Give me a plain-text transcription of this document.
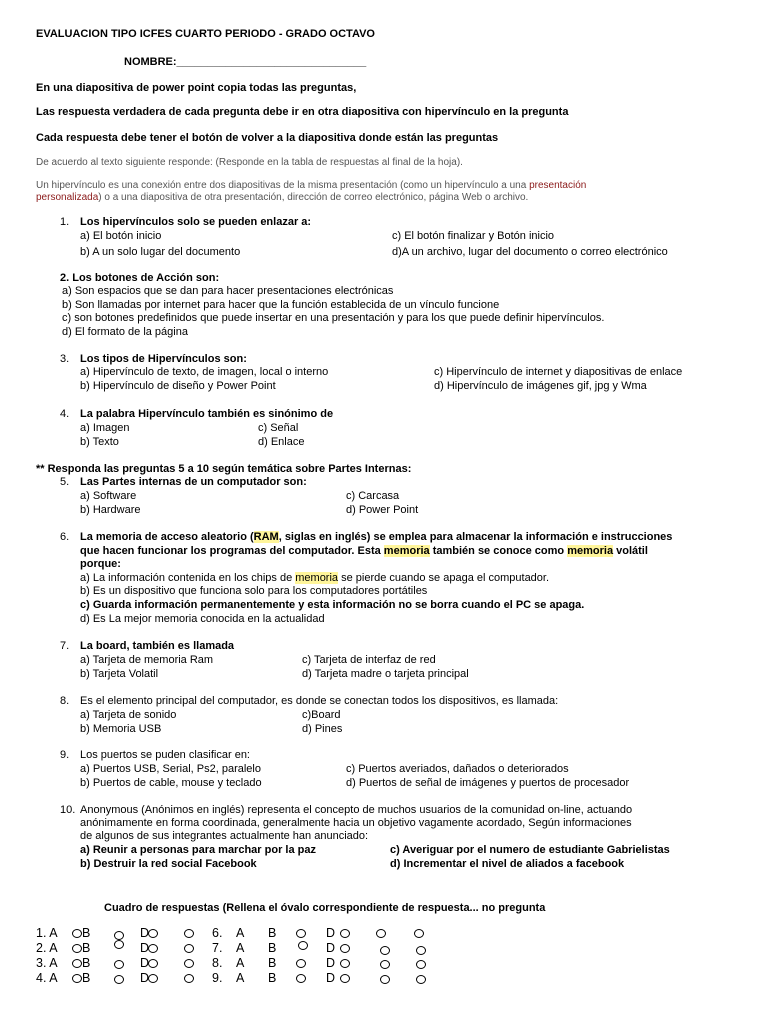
EVALUACION TIPO ICFES CUARTO PERIODO - GRADO OCTAVO
NOMBRE:_______________________________
En una diapositiva de power point copia todas las preguntas,
Las respuesta verdadera de cada pregunta debe ir en otra diapositiva con hipervínculo en la pregunta
Cada respuesta debe tener el botón de volver a la diapositiva donde están las preguntas
De acuerdo al texto siguiente responde: (Responde en la tabla de respuestas al final de la hoja).
Un hipervínculo es una conexión entre dos diapositivas de la misma presentación (como un hipervínculo a una presentación
personalizada) o a una diapositiva de otra presentación, dirección de correo electrónico, página Web o archivo.
1. Los hipervínculos solo se pueden enlazar a:
a) El botón inicio
b) A un solo lugar del documento
c) El botón finalizar y Botón inicio
d)A un archivo, lugar del documento o correo electrónico
2. Los botones de Acción son:
a) Son espacios que se dan para hacer presentaciones electrónicas
b) Son llamadas por internet para hacer que la función establecida de un vínculo funcione
c) son botones predefinidos que puede insertar en una presentación y para los que puede definir hipervínculos.
d) El formato de la página
3. Los tipos de Hipervínculos son:
a) Hipervínculo de texto, de imagen, local o interno
b) Hipervínculo de diseño y Power Point
c) Hipervínculo de internet y diapositivas de enlace
d) Hipervínculo de imágenes gif, jpg y Wma
4. La palabra Hipervínculo también es sinónimo de
a) Imagen
b) Texto
c) Señal
d) Enlace
** Responda las preguntas 5 a 10 según temática sobre Partes Internas:
5. Las Partes internas de un computador son:
a) Software
b) Hardware
c) Carcasa
d) Power Point
6. La memoria de acceso aleatorio (RAM, siglas en inglés) se emplea para almacenar la información e instrucciones
que hacen funcionar los programas del computador. Esta memoria también se conoce como memoria volátil
porque:
a) La información contenida en los chips de memoria se pierde cuando se apaga el computador.
b) Es un dispositivo que funciona solo para los computadores portátiles
c) Guarda información permanentemente y esta información no se borra cuando el PC se apaga.
d) Es La mejor memoria conocida en la actualidad
7. La board, también es llamada
a) Tarjeta de memoria Ram
b) Tarjeta Volatil
c) Tarjeta de interfaz de red
d) Tarjeta madre o tarjeta principal
8. Es el elemento principal del computador, es donde se conectan todos los dispositivos, es llamada:
a) Tarjeta de sonido
b) Memoria USB
c)Board
d) Pines
9. Los puertos se puden clasificar en:
a) Puertos USB, Serial, Ps2, paralelo
b) Puertos de cable, mouse y teclado
c) Puertos averiados, dañados o deteriorados
d) Puertos de señal de imágenes y puertos de procesador
10. Anonymous (Anónimos en inglés) representa el concepto de muchos usuarios de la comunidad on-line, actuando
anónimamente en forma coordinada, generalmente hacia un objetivo vagamente acordado, Según informaciones
de algunos de sus integrantes actualmente han anunciado:
a) Reunir a personas para marchar por la paz
b) Destruir la red social Facebook
c) Averiguar por el numero de estudiante Gabrielistas
d) Incrementar el nivel de aliados a facebook
Cuadro de respuestas (Rellena el óvalo correspondiente de respuesta... no pregunta
1. A B	D	6. A B	D
2. A B	D	7. A B	D
3. A B	D	8. A B	D
4. A B	D	9. A B	D
